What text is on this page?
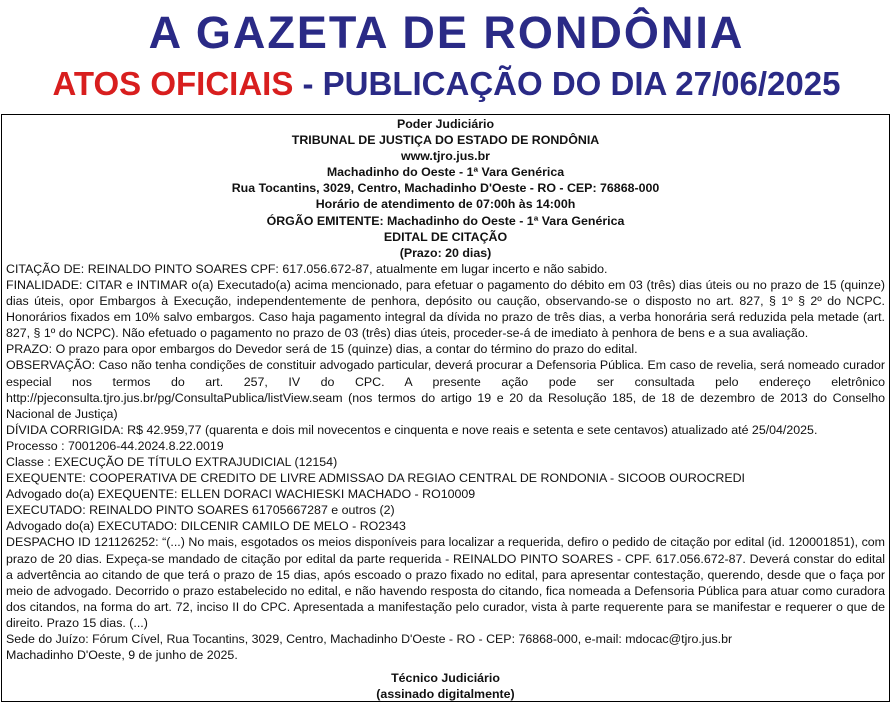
A GAZETA DE RONDÔNIA
ATOS OFICIAIS - PUBLICAÇÃO DO DIA 27/06/2025

Poder Judiciário

TRIBUNAL DE JUSTIÇA DO ESTADO DE RONDÔNIA

www.tjro.jus.br

Machadinho do Oeste - 1ª Vara Genérica

Rua Tocantins, 3029, Centro, Machadinho D'Oeste - RO - CEP: 76868-000

Horário de atendimento de 07:00h às 14:00h

ÓRGÃO EMITENTE: Machadinho do Oeste - 1ª Vara Genérica

EDITAL DE CITAÇÃO

(Prazo: 20 dias)

CITAÇÃO DE: REINALDO PINTO SOARES CPF: 617.056.672-87, atualmente em lugar incerto e não sabido.

FINALIDADE: CITAR e INTIMAR o(a) Executado(a) acima mencionado, para efetuar o pagamento do débito em 03 (três) dias úteis ou no prazo de 15 (quinze) dias úteis, opor Embargos à Execução, independentemente de penhora, depósito ou caução, observando-se o disposto no art. 827, § 1º § 2º do NCPC. Honorários fixados em 10% salvo embargos. Caso haja pagamento integral da dívida no prazo de três dias, a verba honorária será reduzida pela metade (art. 827, § 1º do NCPC). Não efetuado o pagamento no prazo de 03 (três) dias úteis, proceder-se-á de imediato à penhora de bens e a sua avaliação.

PRAZO: O prazo para opor embargos do Devedor será de 15 (quinze) dias, a contar do término do prazo do edital.

OBSERVAÇÃO: Caso não tenha condições de constituir advogado particular, deverá procurar a Defensoria Pública. Em caso de revelia, será nomeado curador especial nos termos do art. 257, IV do CPC. A presente ação pode ser consultada pelo endereço eletrônico http://pjeconsulta.tjro.jus.br/pg/ConsultaPublica/listView.seam (nos termos do artigo 19 e 20 da Resolução 185, de 18 de dezembro de 2013 do Conselho Nacional de Justiça)

DÍVIDA CORRIGIDA: R$ 42.959,77 (quarenta e dois mil novecentos e cinquenta e nove reais e setenta e sete centavos) atualizado até 25/04/2025.

Processo : 7001206-44.2024.8.22.0019

Classe : EXECUÇÃO DE TÍTULO EXTRAJUDICIAL (12154)

EXEQUENTE: COOPERATIVA DE CREDITO DE LIVRE ADMISSAO DA REGIAO CENTRAL DE RONDONIA - SICOOB OUROCREDI

Advogado do(a) EXEQUENTE: ELLEN DORACI WACHIESKI MACHADO - RO10009

EXECUTADO: REINALDO PINTO SOARES 61705667287 e outros (2)

Advogado do(a) EXECUTADO: DILCENIR CAMILO DE MELO - RO2343

DESPACHO ID 121126252: “(...) No mais, esgotados os meios disponíveis para localizar a requerida, defiro o pedido de citação por edital (id. 120001851), com prazo de 20 dias. Expeça-se mandado de citação por edital da parte requerida - REINALDO PINTO SOARES - CPF. 617.056.672-87. Deverá constar do edital a advertência ao citando de que terá o prazo de 15 dias, após escoado o prazo fixado no edital, para apresentar contestação, querendo, desde que o faça por meio de advogado. Decorrido o prazo estabelecido no edital, e não havendo resposta do citando, fica nomeada a Defensoria Pública para atuar como curadora dos citandos, na forma do art. 72, inciso II do CPC. Apresentada a manifestação pelo curador, vista à parte requerente para se manifestar e requerer o que de direito. Prazo 15 dias. (...)

Sede do Juízo: Fórum Cível, Rua Tocantins, 3029, Centro, Machadinho D'Oeste - RO - CEP: 76868-000, e-mail: mdocac@tjro.jus.br

Machadinho D'Oeste, 9 de junho de 2025.

Técnico Judiciário

(assinado digitalmente)
